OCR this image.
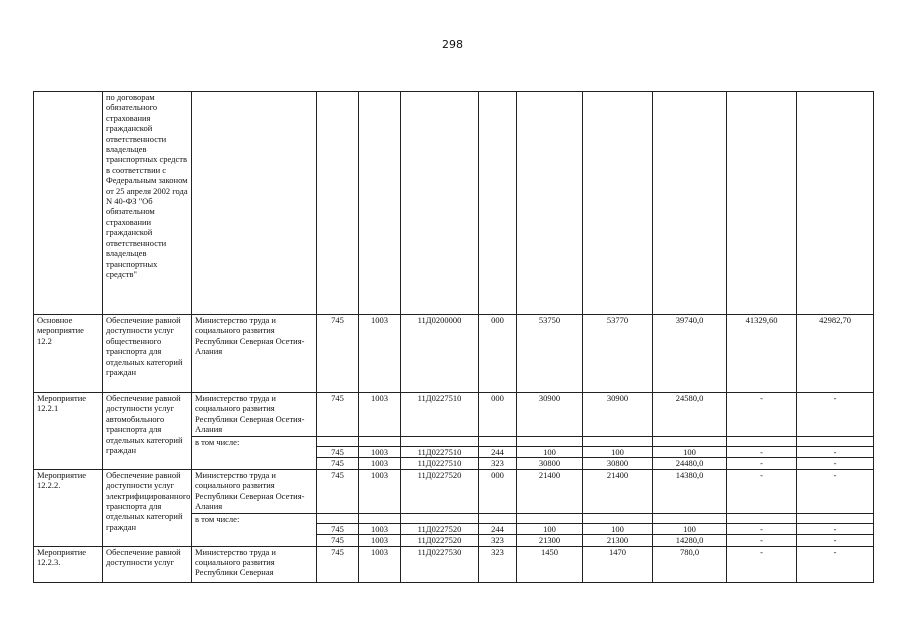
298
	по договорам обязательного страхования гражданской ответственности владельцев транспортных средств в соответствии с Федеральным законом от 25 апреля 2002 года N 40-ФЗ "Об обязательном страховании гражданской ответственности владельцев транспортных средств"										
Основное мероприятие 12.2	Обеспечение равной доступности услуг общественного транспорта для отдельных категорий граждан	Министерство труда и социального развития Республики Северная Осетия-Алания	745	1003	11Д0200000	000	53750	53770	39740,0	41329,60	42982,70
Мероприятие 12.2.1	Обеспечение равной доступности услуг автомобильного транспорта для отдельных категорий граждан	Министерство труда и социального развития Республики Северная Осетия-Алания	745	1003	11Д0227510	000	30900	30900	24580,0	-	-
		в том числе:									
			745	1003	11Д0227510	244	100	100	100	-	-
			745	1003	11Д0227510	323	30800	30800	24480,0	-	-
Мероприятие 12.2.2.	Обеспечение равной доступности услуг электрифицированного транспорта для отдельных категорий граждан	Министерство труда и социального развития Республики Северная Осетия-Алания	745	1003	11Д0227520	000	21400	21400	14380,0	-	-
		в том числе:									
			745	1003	11Д0227520	244	100	100	100	-	-
			745	1003	11Д0227520	323	21300	21300	14280,0	-	-
Мероприятие 12.2.3.	Обеспечение равной доступности услуг	Министерство труда и социального развития Республики Северная	745	1003	11Д0227530	323	1450	1470	780,0	-	-
